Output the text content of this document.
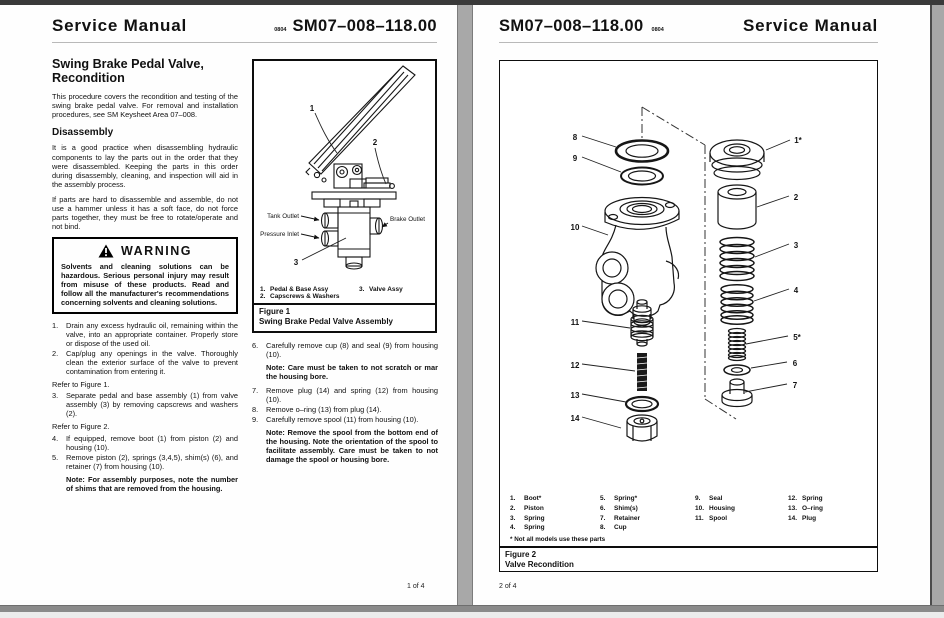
Service Manual	0804 SM07–008–118.00
Swing Brake Pedal Valve,
Recondition

This procedure covers the recondition and testing of the swing brake pedal valve. For removal and installation procedures, see SM Keysheet Area 07–008.

Disassembly

It is a good practice when disassembling hydraulic components to lay the parts out in the order that they were disassembled. Keeping the parts in this order during disassembly, cleaning, and inspection will aid in the assembly process.

If parts are hard to disassemble and assemble, do not use a hammer unless it has a soft face, do not force parts together, they must be free to rotate/operate and not bind.

WARNING
Solvents and cleaning solutions can be hazardous. Serious personal injury may result from misuse of these products. Read and follow all the manufacturer's recommendations concerning solvents and cleaning solutions.
1.	Drain any excess hydraulic oil, remaining within the valve, into an appropriate container. Properly store or dispose of the used oil.
2.	Cap/plug any openings in the valve. Thoroughly clean the exterior surface of the valve to prevent contamination from entering it.
Refer to Figure 1.
3.	Separate pedal and base assembly (1) from valve assembly (3) by removing capscrews and washers (2).
Refer to Figure 2.
4.	If equipped, remove boot (1) from piston (2) and housing (10).
5.	Remove piston (2), springs (3,4,5), shim(s) (6), and retainer (7) from housing (10).
Note: For assembly purposes, note the number of shims that are removed from the housing.
1
2
3
Tank Outlet
Pressure Inlet
Brake Outlet
1. Pedal & Base Assy	3. Valve Assy
2. Capscrews & Washers
Figure 1
Swing Brake Pedal Valve Assembly
6.	Carefully remove cup (8) and seal (9) from housing (10).
Note: Care must be taken to not scratch or mar the housing bore.
7.	Remove plug (14) and spring (12) from housing (10).
8.	Remove o–ring (13) from plug (14).
9.	Carefully remove spool (11) from housing (10).
Note: Remove the spool from the bottom end of the housing. Note the orientation of the spool to facilitate assembly. Care must be taken to not damage the spool or housing bore.
1 of 4
SM07–008–118.00 0804	Service Manual
8
9
10
11
12
13
14
1*
2
3
4
5*
6
7
1.	Boot*
2.	Piston
3.	Spring
4.	Spring
5.	Spring*
6.	Shim(s)
7.	Retainer
8.	Cup
9.	Seal
10. Housing
11. Spool
12. Spring
13. O–ring
14. Plug
* Not all models use these parts
Figure 2
Valve Recondition
2 of 4
